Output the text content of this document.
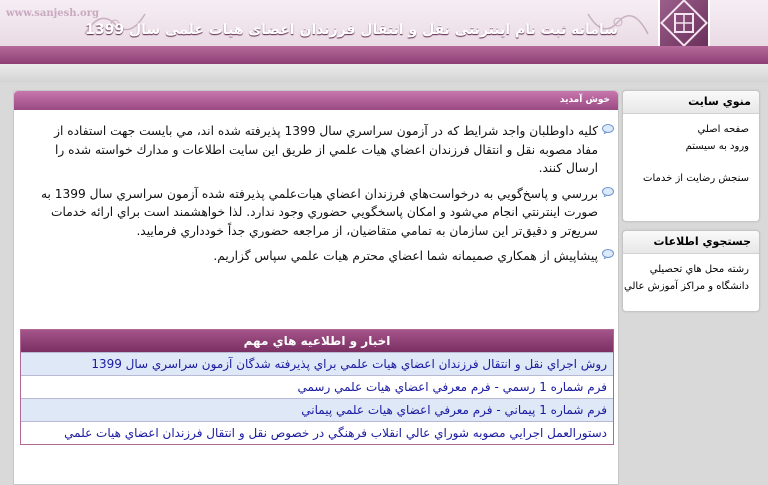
www.sanjesh.org
سامانه ثبت نام اینترنتی نقل و انتقال فرزندان اعضای هیات علمی سال 1399
منوي سايت
صفحه اصلي
ورود به سيستم
سنجش رضايت از خدمات
جستجوي اطلاعات
رشته محل هاي تحصيلي
دانشگاه و مراكز آموزش عالي
خوش آمديد
كليه داوطلبان واجد شرايط كه در آزمون سراسري سال 1399 پذيرفته شده اند، مي بايست جهت استفاده از مفاد مصوبه نقل و انتقال فرزندان اعضاي هيات علمي از طريق اين سايت اطلاعات و مدارك خواسته شده را ارسال كنند.
بررسي و پاسخ‌گويي به درخواست‌هاي فرزندان اعضاي هيات‌علمي پذيرفته شده آزمون سراسري سال 1399 به صورت اينترنتي انجام مي‌شود و امكان پاسخگويي حضوري وجود ندارد. لذا خواهشمند است براي ارائه خدمات سريع‌تر و دقيق‌تر اين سازمان به تمامي متقاضيان، از مراجعه حضوري جداً خودداري فرماييد.
پيشاپيش از همكاري صميمانه شما اعضاي محترم هيات علمي سپاس گزاريم.
اخبار و اطلاعيه هاي مهم
روش اجراي نقل و انتقال فرزندان اعضاي هيات علمي براي پذيرفته شدگان آزمون سراسري سال 1399
فرم شماره 1 رسمي - فرم معرفي اعضاي هيات علمي رسمي
فرم شماره 1 پيماني - فرم معرفي اعضاي هيات علمي پيماني
دستورالعمل اجرايي مصوبه شوراي عالي انقلاب فرهنگي در خصوص نقل و انتقال فرزندان اعضاي هيات علمي
